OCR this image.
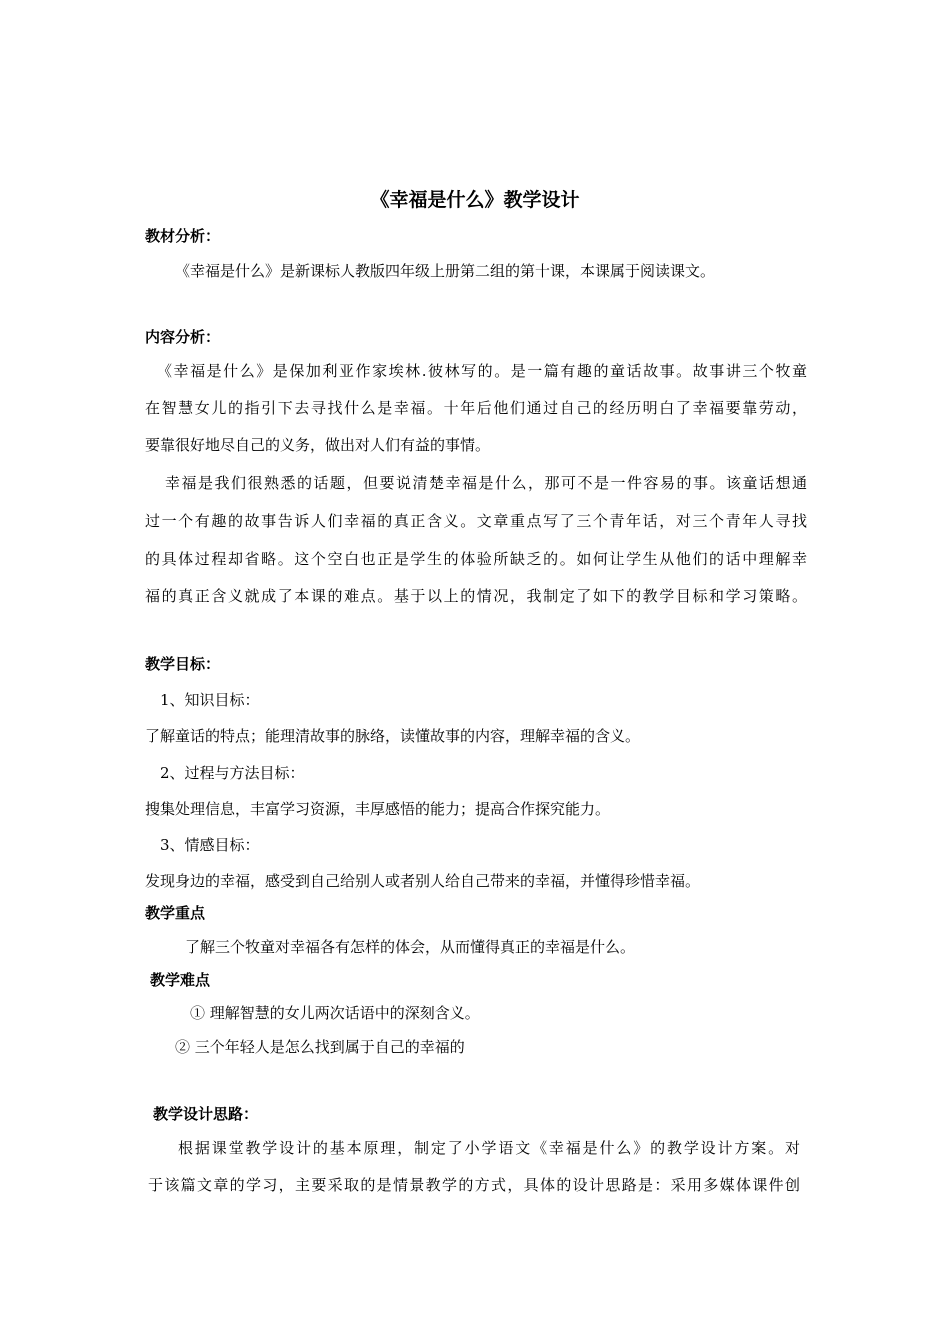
《幸福是什么》教学设计
教材分析：
《幸福是什么》是新课标人教版四年级上册第二组的第十课，本课属于阅读课文。
内容分析：
《幸福是什么》是保加利亚作家埃林.彼林写的。是一篇有趣的童话故事。故事讲三个牧童
在智慧女儿的指引下去寻找什么是幸福。十年后他们通过自己的经历明白了幸福要靠劳动，
要靠很好地尽自己的义务，做出对人们有益的事情。
幸福是我们很熟悉的话题，但要说清楚幸福是什么，那可不是一件容易的事。该童话想通
过一个有趣的故事告诉人们幸福的真正含义。文章重点写了三个青年话，对三个青年人寻找
的具体过程却省略。这个空白也正是学生的体验所缺乏的。如何让学生从他们的话中理解幸
福的真正含义就成了本课的难点。基于以上的情况，我制定了如下的教学目标和学习策略。
教学目标：
1、知识目标：
了解童话的特点；能理清故事的脉络，读懂故事的内容，理解幸福的含义。
2、过程与方法目标：
搜集处理信息，丰富学习资源，丰厚感悟的能力；提高合作探究能力。
3、情感目标：
发现身边的幸福，感受到自己给别人或者别人给自己带来的幸福，并懂得珍惜幸福。
教学重点
了解三个牧童对幸福各有怎样的体会，从而懂得真正的幸福是什么。
教学难点
① 理解智慧的女儿两次话语中的深刻含义。
② 三个年轻人是怎么找到属于自己的幸福的
教学设计思路：
根据课堂教学设计的基本原理，制定了小学语文《幸福是什么》的教学设计方案。对
于该篇文章的学习，主要采取的是情景教学的方式，具体的设计思路是：采用多媒体课件创
